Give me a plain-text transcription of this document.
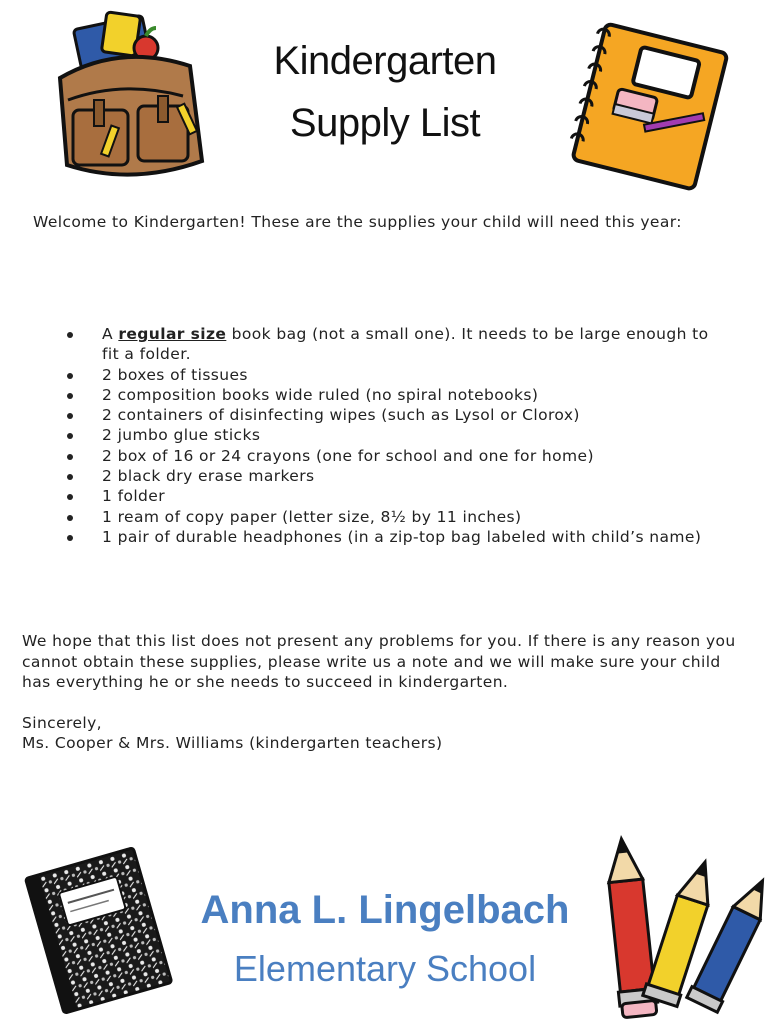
Kindergarten
Supply List
Welcome to Kindergarten! These are the supplies your child will need this year:
A regular size book bag (not a small one). It needs to be large enough to fit a folder.
2 boxes of tissues
2 composition books wide ruled (no spiral notebooks)
2 containers of disinfecting wipes (such as Lysol or Clorox)
2 jumbo glue sticks
2 box of 16 or 24 crayons (one for school and one for home)
2 black dry erase markers
1 folder
1 ream of copy paper (letter size, 8½ by 11 inches)
1 pair of durable headphones (in a zip-top bag labeled with child’s name)

We hope that this list does not present any problems for you. If there is any reason you cannot obtain these supplies, please write us a note and we will make sure your child has everything he or she needs to succeed in kindergarten.

Sincerely,
Ms. Cooper & Mrs. Williams (kindergarten teachers)
Anna L. Lingelbach
Elementary School
